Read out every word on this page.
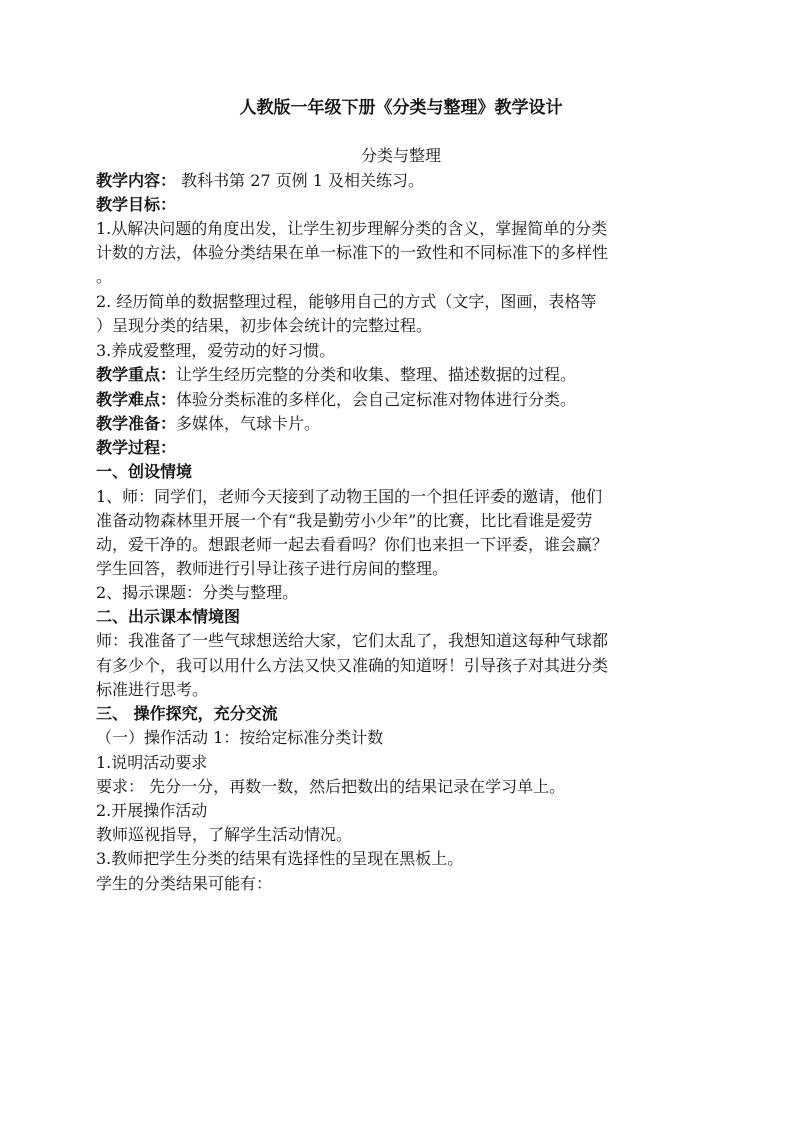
人教版一年级下册《分类与整理》教学设计
分类与整理
教学内容： 教科书第 27 页例 1 及相关练习。
教学目标：
1.从解决问题的角度出发，让学生初步理解分类的含义，掌握简单的分类
计数的方法，体验分类结果在单一标准下的一致性和不同标准下的多样性
。
2. 经历简单的数据整理过程，能够用自己的方式（文字，图画，表格等
）呈现分类的结果，初步体会统计的完整过程。
3.养成爱整理，爱劳动的好习惯。
教学重点：让学生经历完整的分类和收集、整理、描述数据的过程。
教学难点：体验分类标准的多样化，会自己定标准对物体进行分类。
教学准备：多媒体，气球卡片。
教学过程：
一、创设情境
1、师：同学们，老师今天接到了动物王国的一个担任评委的邀请，他们
准备动物森林里开展一个有“我是勤劳小少年”的比赛，比比看谁是爱劳
动，爱干净的。想跟老师一起去看看吗？你们也来担一下评委，谁会赢？
学生回答，教师进行引导让孩子进行房间的整理。
2、揭示课题：分类与整理。
二、出示课本情境图
师：我准备了一些气球想送给大家，它们太乱了，我想知道这每种气球都
有多少个，我可以用什么方法又快又准确的知道呀！引导孩子对其进分类
标准进行思考。
三、 操作探究，充分交流
（一）操作活动 1：按给定标准分类计数
1.说明活动要求
要求： 先分一分，再数一数，然后把数出的结果记录在学习单上。
2.开展操作活动
教师巡视指导，了解学生活动情况。
3.教师把学生分类的结果有选择性的呈现在黑板上。
学生的分类结果可能有：
